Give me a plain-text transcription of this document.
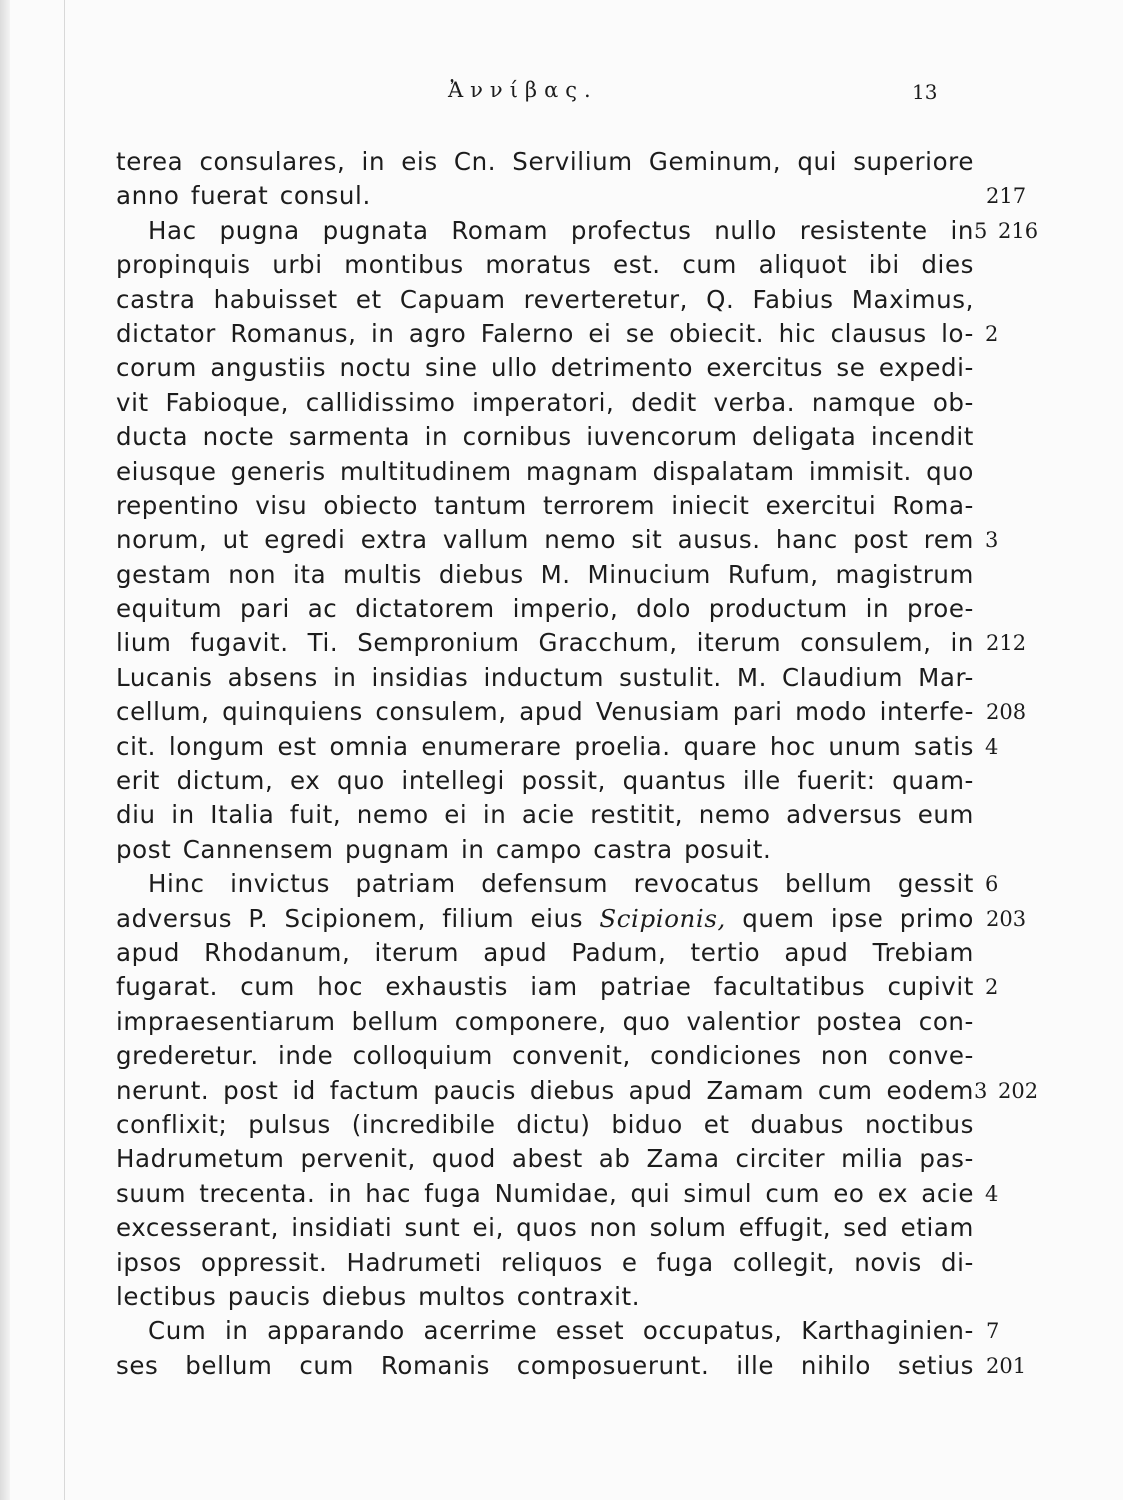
Ἀννίβας.	13
terea consulares, in eis Cn. Servilium Geminum, qui superiore
anno fuerat consul.	217
Hac pugna pugnata Romam profectus nullo resistente in 5 216
propinquis urbi montibus moratus est. cum aliquot ibi dies
castra habuisset et Capuam reverteretur, Q. Fabius Maximus,
dictator Romanus, in agro Falerno ei se obiecit. hic clausus lo- 2
corum angustiis noctu sine ullo detrimento exercitus se expedi-
vit Fabioque, callidissimo imperatori, dedit verba. namque ob-
ducta nocte sarmenta in cornibus iuvencorum deligata incendit
eiusque generis multitudinem magnam dispalatam immisit. quo
repentino visu obiecto tantum terrorem iniecit exercitui Roma-
norum, ut egredi extra vallum nemo sit ausus. hanc post rem 3
gestam non ita multis diebus M. Minucium Rufum, magistrum
equitum pari ac dictatorem imperio, dolo productum in proe-
lium fugavit. Ti. Sempronium Gracchum, iterum consulem, in 212
Lucanis absens in insidias inductum sustulit. M. Claudium Mar-
cellum, quinquiens consulem, apud Venusiam pari modo interfe- 208
cit. longum est omnia enumerare proelia. quare hoc unum satis 4
erit dictum, ex quo intellegi possit, quantus ille fuerit: quam-
diu in Italia fuit, nemo ei in acie restitit, nemo adversus eum
post Cannensem pugnam in campo castra posuit.
Hinc invictus patriam defensum revocatus bellum gessit 6
adversus P. Scipionem, filium eius Scipionis, quem ipse primo 203
apud Rhodanum, iterum apud Padum, tertio apud Trebiam
fugarat. cum hoc exhaustis iam patriae facultatibus cupivit 2
impraesentiarum bellum componere, quo valentior postea con-
grederetur. inde colloquium convenit, condiciones non conve-
nerunt. post id factum paucis diebus apud Zamam cum eodem 3 202
conflixit; pulsus (incredibile dictu) biduo et duabus noctibus
Hadrumetum pervenit, quod abest ab Zama circiter milia pas-
suum trecenta. in hac fuga Numidae, qui simul cum eo ex acie 4
excesserant, insidiati sunt ei, quos non solum effugit, sed etiam
ipsos oppressit. Hadrumeti reliquos e fuga collegit, novis di-
lectibus paucis diebus multos contraxit.
Cum in apparando acerrime esset occupatus, Karthaginien- 7
ses bellum cum Romanis composuerunt. ille nihilo setius 201
